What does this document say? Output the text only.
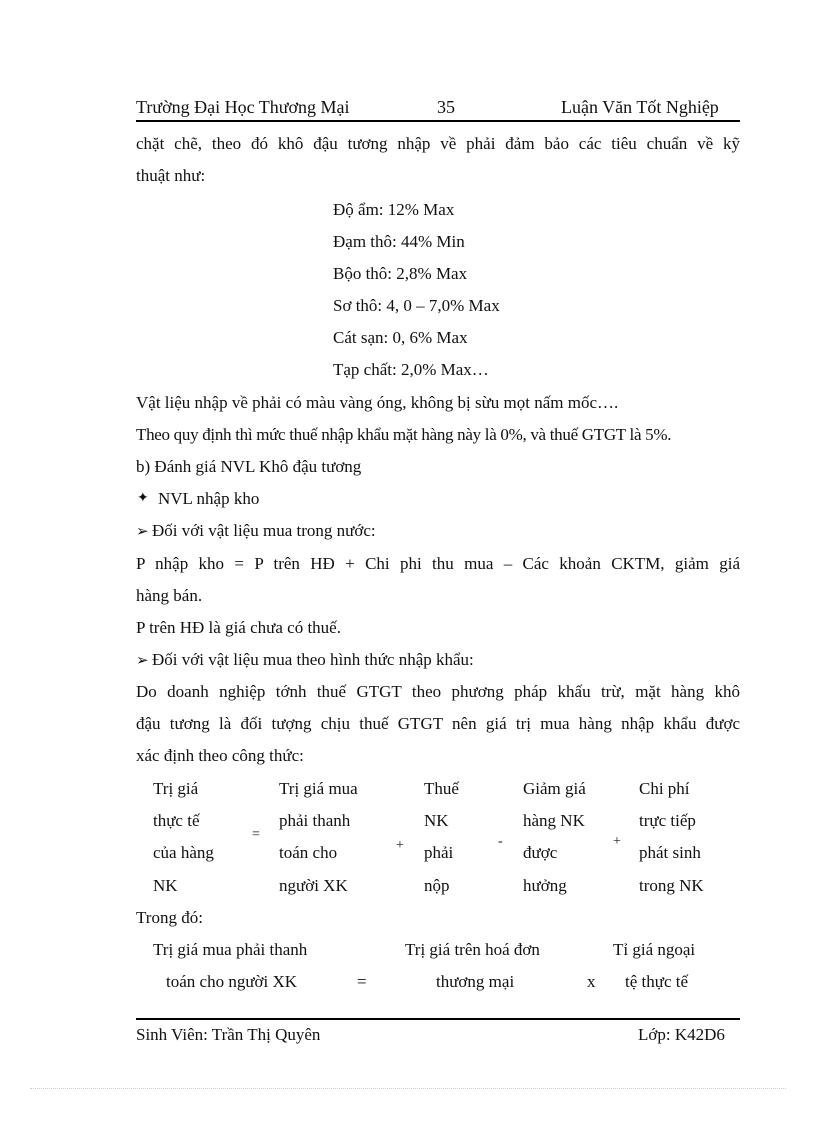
Trường Đại Học Thương Mại	35	Luận Văn Tốt Nghiệp
chặt chẽ, theo đó khô đậu tương nhập về phải đảm bảo các tiêu chuẩn về kỹ
thuật như:
Độ ẩm: 12% Max
Đạm thô: 44% Min
Bộo thô: 2,8% Max
Sơ thô: 4, 0 – 7,0% Max
Cát sạn: 0, 6% Max
Tạp chất: 2,0% Max…
Vật liệu nhập về phải có màu vàng óng, không bị sừu mọt nấm mốc….
Theo quy định thì mức thuế nhập khẩu mặt hàng này là 0%, và thuế GTGT là 5%.
b) Đánh giá NVL Khô đậu tương
✦ NVL nhập kho
➢ Đối với vật liệu mua trong nước:
P nhập kho = P trên HĐ + Chi phi thu mua – Các khoản CKTM, giảm giá
hàng bán.
P trên HĐ là giá chưa có thuế.
➢ Đối với vật liệu mua theo hình thức nhập khẩu:
Do doanh nghiệp tớnh thuế GTGT theo phương pháp khấu trừ, mặt hàng khô
đậu tương là đối tượng chịu thuế GTGT nên giá trị mua hàng nhập khẩu được
xác định theo công thức:
Trị giá
thực tế
của hàng
NK
=
Trị giá mua
phải thanh
toán cho
người XK
+
Thuế
NK
phải
nộp
-
Giảm giá
hàng NK
được
hưởng
+
Chi phí
trực tiếp
phát sinh
trong NK
Trong đó:
Trị giá mua phải thanh
toán cho người XK	=
Trị giá trên hoá đơn
thương mại	x
Tỉ giá ngoại
tệ thực tế
Sinh Viên: Trần Thị Quyên	Lớp: K42D6
